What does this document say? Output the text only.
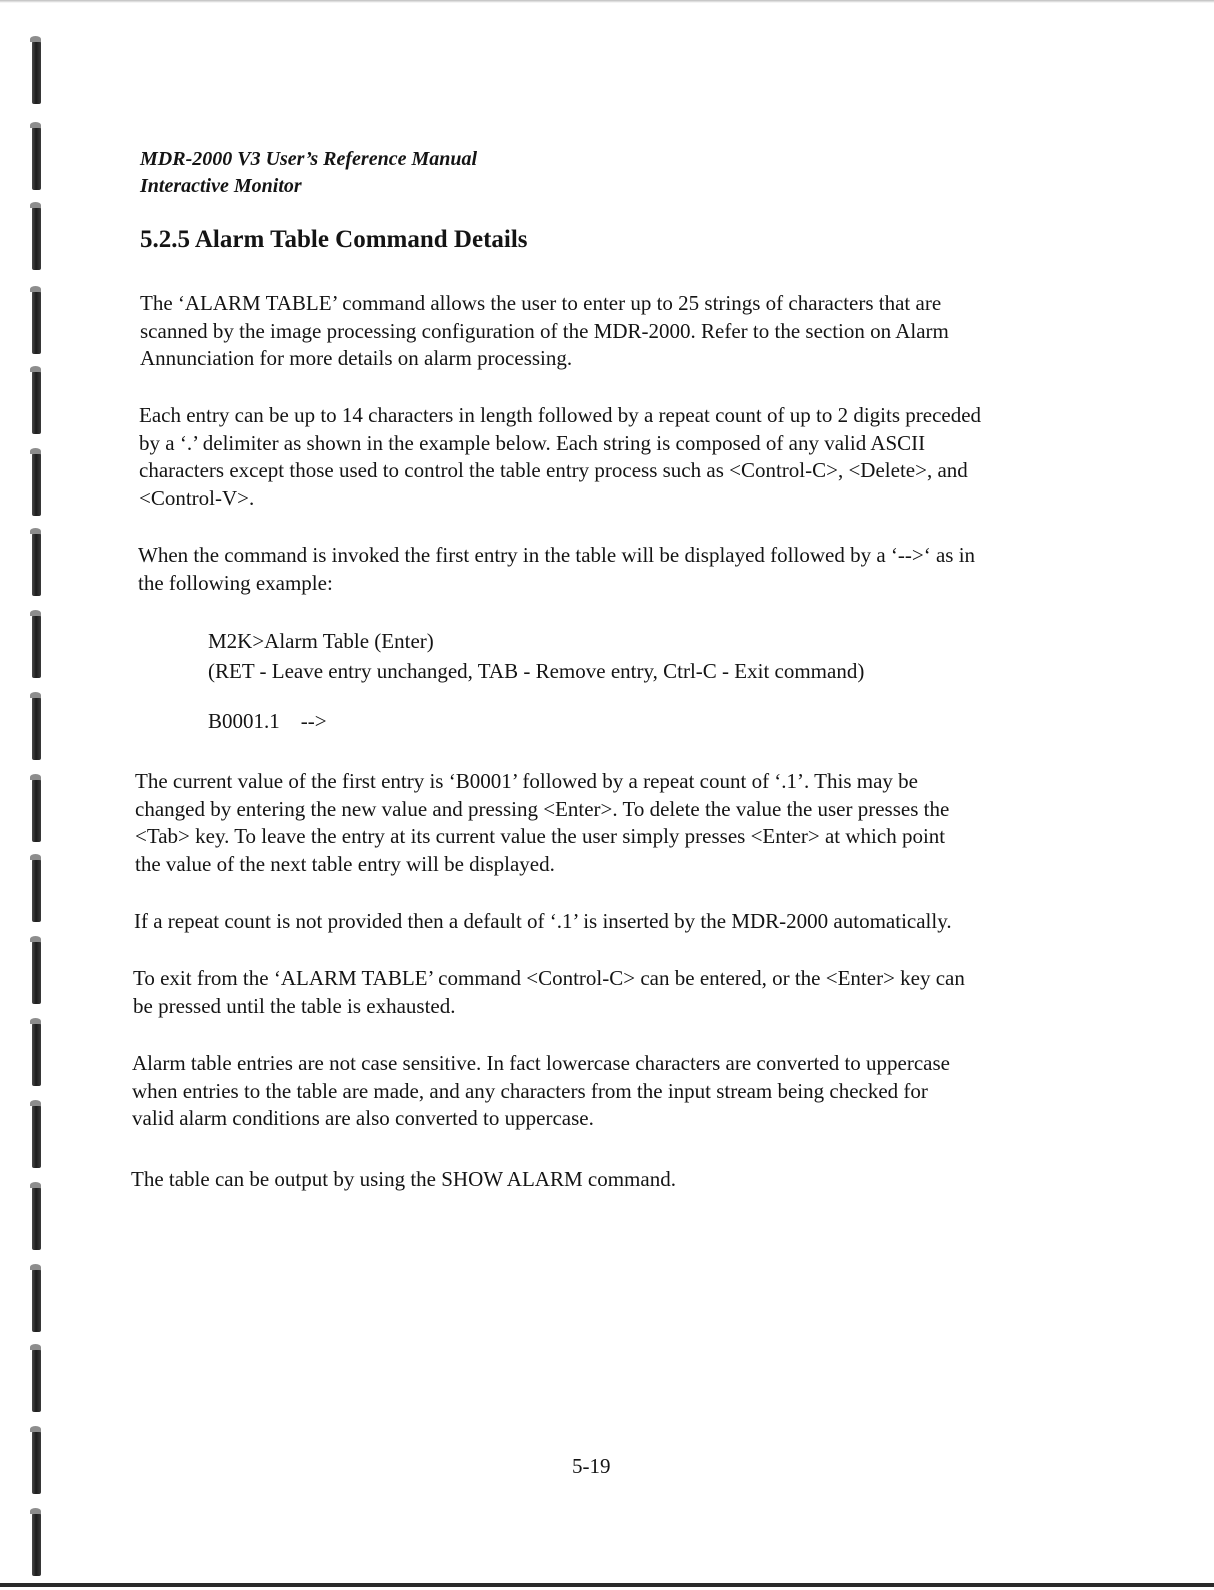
MDR-2000 V3 User’s Reference Manual
Interactive Monitor
5.2.5 Alarm Table Command Details

The ‘ALARM TABLE’ command allows the user to enter up to 25 strings of characters that are
scanned by the image processing configuration of the MDR-2000. Refer to the section on Alarm
Annunciation for more details on alarm processing.

Each entry can be up to 14 characters in length followed by a repeat count of up to 2 digits preceded
by a ‘.’ delimiter as shown in the example below. Each string is composed of any valid ASCII
characters except those used to control the table entry process such as <Control-C>, <Delete>, and
<Control-V>.

When the command is invoked the first entry in the table will be displayed followed by a ‘-->‘ as in
the following example:

M2K>Alarm Table (Enter)
(RET - Leave entry unchanged, TAB - Remove entry, Ctrl-C - Exit command)
B0001.1    -->

The current value of the first entry is ‘B0001’ followed by a repeat count of ‘.1’. This may be
changed by entering the new value and pressing <Enter>. To delete the value the user presses the
<Tab> key. To leave the entry at its current value the user simply presses <Enter> at which point
the value of the next table entry will be displayed.

If a repeat count is not provided then a default of ‘.1’ is inserted by the MDR-2000 automatically.

To exit from the ‘ALARM TABLE’ command <Control-C> can be entered, or the <Enter> key can
be pressed until the table is exhausted.

Alarm table entries are not case sensitive. In fact lowercase characters are converted to uppercase
when entries to the table are made, and any characters from the input stream being checked for
valid alarm conditions are also converted to uppercase.

The table can be output by using the SHOW ALARM command.

5-19
